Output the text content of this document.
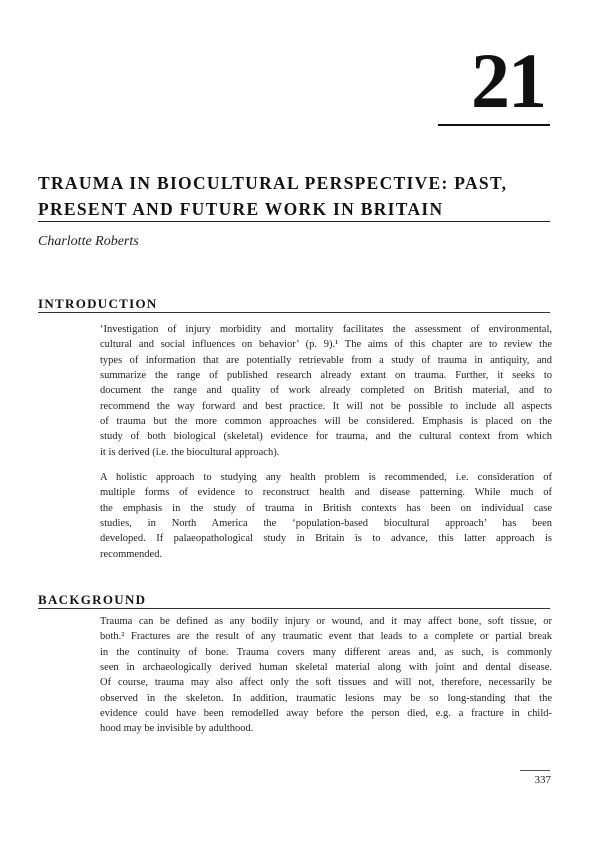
21
TRAUMA IN BIOCULTURAL PERSPECTIVE: PAST,
PRESENT AND FUTURE WORK IN BRITAIN
Charlotte Roberts
INTRODUCTION
‘Investigation of injury morbidity and mortality facilitates the assessment of environmental,
cultural and social influences on behavior’ (p. 9).¹ The aims of this chapter are to review the
types of information that are potentially retrievable from a study of trauma in antiquity, and
summarize the range of published research already extant on trauma. Further, it seeks to
document the range and quality of work already completed on British material, and to
recommend the way forward and best practice. It will not be possible to include all aspects
of trauma but the more common approaches will be considered. Emphasis is placed on the
study of both biological (skeletal) evidence for trauma, and the cultural context from which
it is derived (i.e. the biocultural approach).
A holistic approach to studying any health problem is recommended, i.e. consideration of
multiple forms of evidence to reconstruct health and disease patterning. While much of
the emphasis in the study of trauma in British contexts has been on individual case
studies, in North America the ‘population-based biocultural approach’ has been
developed. If palaeopathological study in Britain is to advance, this latter approach is
recommended.
BACKGROUND
Trauma can be defined as any bodily injury or wound, and it may affect bone, soft tissue, or
both.² Fractures are the result of any traumatic event that leads to a complete or partial break
in the continuity of bone. Trauma covers many different areas and, as such, is commonly
seen in archaeologically derived human skeletal material along with joint and dental disease.
Of course, trauma may also affect only the soft tissues and will not, therefore, necessarily be
observed in the skeleton. In addition, traumatic lesions may be so long-standing that the
evidence could have been remodelled away before the person died, e.g. a fracture in child-
hood may be invisible by adulthood.
337
